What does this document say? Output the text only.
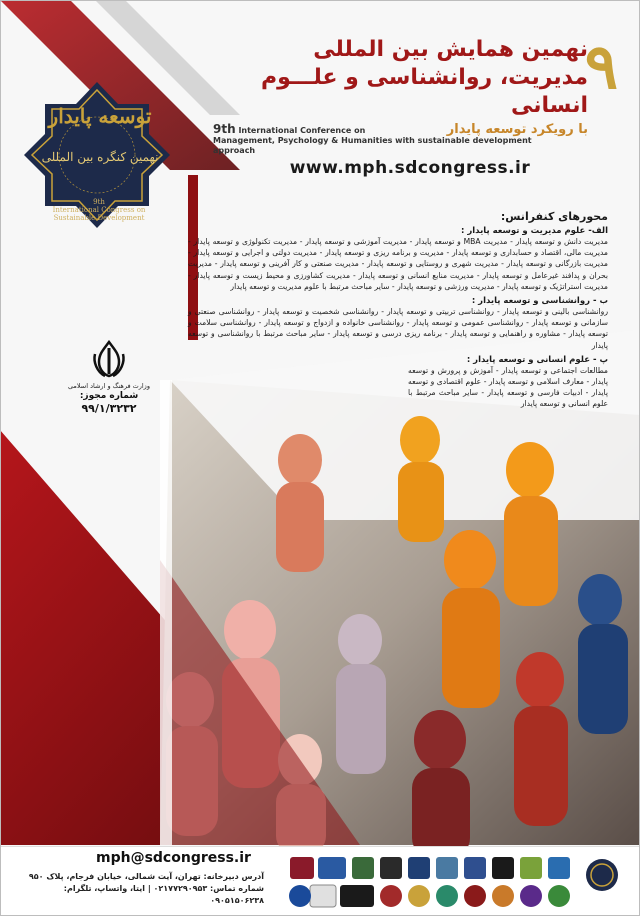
توسعه پایدار
نهمین کنگره بین المللی
9th
International Congress on
Sustainable Development
۹
نهمین همایش بین المللی
مدیریت، روانشناسی و علـــوم انسانی
با رویکرد توسعه پایدار
9th International Conference on
Management, Psychology & Humanities with sustainable development approach
www.mph.sdcongress.ir
وزارت فرهنگ و ارشاد اسلامی
شماره مجوز:
۹۹/۱/۳۲۳۲
محورهای کنفرانس:
الف- علوم مدیریت و توسعه پایدار :
مدیریت دانش و توسعه پایدار - مدیریت MBA و توسعه پایدار - مدیریت آموزشی و توسعه پایدار - مدیریت تکنولوژی و توسعه پایدار - مدیریت مالی، اقتصاد و حسابداری و توسعه پایدار - مدیریت و برنامه ریزی و توسعه پایدار - مدیریت دولتی و اجرایی و توسعه پایدار - مدیریت بازرگانی و توسعه پایدار - مدیریت شهری و روستایی و توسعه پایدار - مدیریت صنعتی و کار آفرینی و توسعه پایدار - مدیریت بحران و پدافند غیرعامل و توسعه پایدار - مدیریت منابع انسانی و توسعه پایدار - مدیریت کشاورزی و محیط زیست و توسعه پایدار - مدیریت استراتژیک و توسعه پایدار - مدیریت ورزشی و توسعه پایدار - سایر مباحث مرتبط با علوم مدیریت و توسعه پایدار
ب - روانشناسی و توسعه پایدار :
روانشناسی بالینی و توسعه پایدار - روانشناسی تربیتی و توسعه پایدار - روانشناسی شخصیت و توسعه پایدار - روانشناسی صنعتی و سازمانی و توسعه پایدار - روانشناسی عمومی و توسعه پایدار - روانشناسی خانواده و ازدواج و توسعه پایدار - روانشناسی سلامت و توسعه پایدار - مشاوره و راهنمایی و توسعه پایدار - برنامه ریزی درسی و توسعه پایدار - سایر مباحث مرتبط با روانشناسی و توسعه پایدار
پ - علوم انسانی و توسعه پایدار :
مطالعات اجتماعی و توسعه پایدار - آموزش و پرورش و توسعه پایدار - معارف اسلامی و توسعه پایدار - علوم اقتصادی و توسعه پایدار - ادبیات فارسی و توسعه پایدار - سایر مباحث مرتبط با علوم انسانی و توسعه پایدار
mph@sdcongress.ir
آدرس دبیرخانه: تهران، آیت شمالی، خیابان فرجام، پلاک ۹۵۰
شماره تماس: ۰۲۱۷۷۲۹۰۹۵۳ | ایتا، واتساپ، تلگرام: ۰۹۰۵۱۵۰۶۲۳۸
